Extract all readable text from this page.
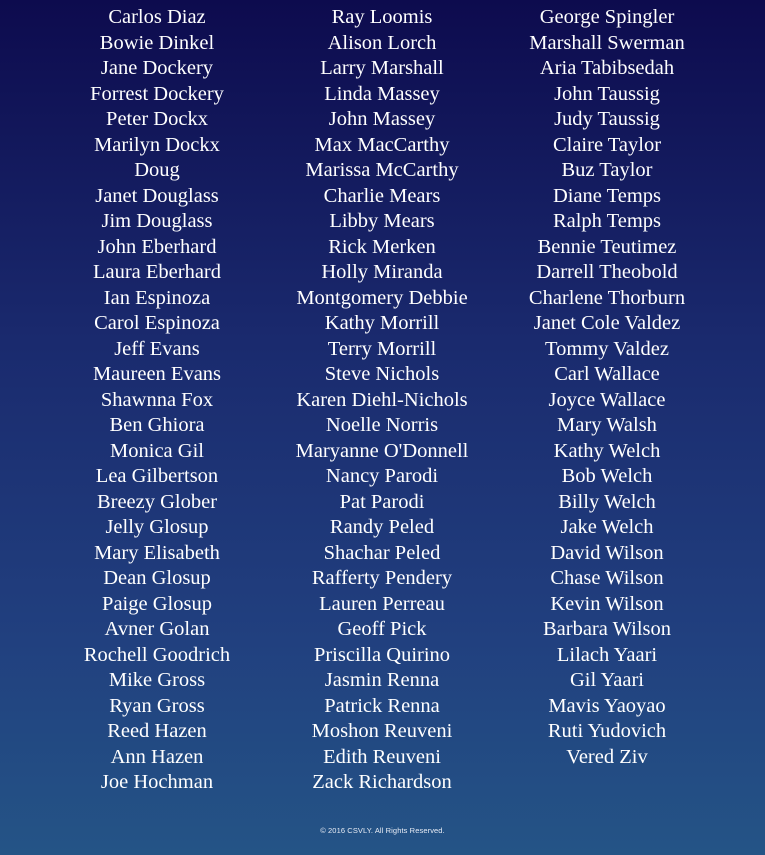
Carlos Diaz
Bowie Dinkel
Jane Dockery
Forrest Dockery
Peter Dockx
Marilyn Dockx
Doug
Janet Douglass
Jim Douglass
John Eberhard
Laura Eberhard
Ian Espinoza
Carol Espinoza
Jeff Evans
Maureen Evans
Shawnna Fox
Ben Ghiora
Monica Gil
Lea Gilbertson
Breezy Glober
Jelly Glosup
Mary Elisabeth
Dean Glosup
Paige Glosup
Avner Golan
Rochell Goodrich
Mike Gross
Ryan Gross
Reed Hazen
Ann Hazen
Joe Hochman
Ray Loomis
Alison Lorch
Larry Marshall
Linda Massey
John Massey
Max MacCarthy
Marissa McCarthy
Charlie Mears
Libby Mears
Rick Merken
Holly Miranda
Montgomery Debbie
Kathy Morrill
Terry Morrill
Steve Nichols
Karen Diehl-Nichols
Noelle Norris
Maryanne O'Donnell
Nancy Parodi
Pat Parodi
Randy Peled
Shachar Peled
Rafferty Pendery
Lauren Perreau
Geoff Pick
Priscilla Quirino
Jasmin Renna
Patrick Renna
Moshon Reuveni
Edith Reuveni
Zack Richardson
George Spingler
Marshall Swerman
Aria Tabibsedah
John Taussig
Judy Taussig
Claire Taylor
Buz Taylor
Diane Temps
Ralph Temps
Bennie Teutimez
Darrell Theobold
Charlene Thorburn
Janet Cole Valdez
Tommy Valdez
Carl Wallace
Joyce Wallace
Mary Walsh
Kathy Welch
Bob Welch
Billy Welch
Jake Welch
David Wilson
Chase Wilson
Kevin Wilson
Barbara Wilson
Lilach Yaari
Gil Yaari
Mavis Yaoyao
Ruti Yudovich
Vered Ziv
© 2016 CSVLY. All Rights Reserved.
